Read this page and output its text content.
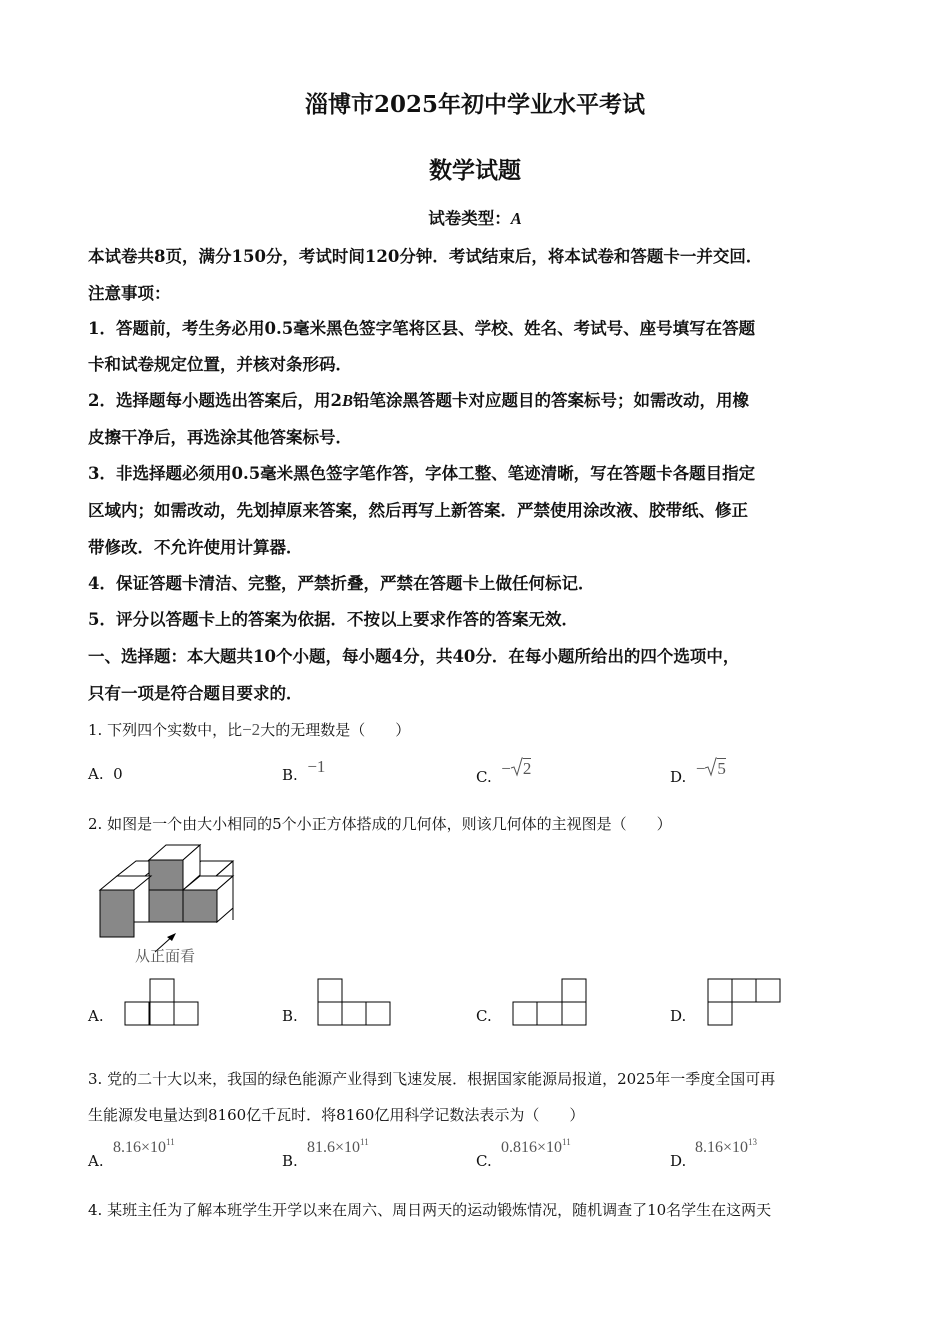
淄博市2025年初中学业水平考试
数学试题
试卷类型：A
本试卷共8页，满分150分，考试时间120分钟．考试结束后，将本试卷和答题卡一并交回．
注意事项：
1．答题前，考生务必用0.5毫米黑色签字笔将区县、学校、姓名、考试号、座号填写在答题
卡和试卷规定位置，并核对条形码．
2．选择题每小题选出答案后，用2B铅笔涂黑答题卡对应题目的答案标号；如需改动，用橡
皮擦干净后，再选涂其他答案标号．
3．非选择题必须用0.5毫米黑色签字笔作答，字体工整、笔迹清晰，写在答题卡各题目指定
区域内；如需改动，先划掉原来答案，然后再写上新答案．严禁使用涂改液、胶带纸、修正
带修改．不允许使用计算器．
4．保证答题卡清洁、完整，严禁折叠，严禁在答题卡上做任何标记．
5．评分以答题卡上的答案为依据．不按以上要求作答的答案无效．
一、选择题：本大题共10个小题，每小题4分，共40分．在每小题所给出的四个选项中，
只有一项是符合题目要求的．
1. 下列四个实数中，比−2大的无理数是（　　）
A. 0	B. −1
C. − 2	D. − 5
2. 如图是一个由大小相同的5个小正方体搭成的几何体，则该几何体的主视图是（　　）
从正面看
A.	B.	C.	D.
3. 党的二十大以来，我国的绿色能源产业得到飞速发展．根据国家能源局报道，2025年一季度全国可再
生能源发电量达到8160亿千瓦时．将8160亿用科学记数法表示为（　　）
A.
$8.16\times 10^{11}$
B.
$81.6\times 10^{11}$
C.
$0.816\times 10^{11}$
D.
$8.16\times 10^{13}$
4. 某班主任为了解本班学生开学以来在周六、周日两天的运动锻炼情况，随机调查了10名学生在这两天
